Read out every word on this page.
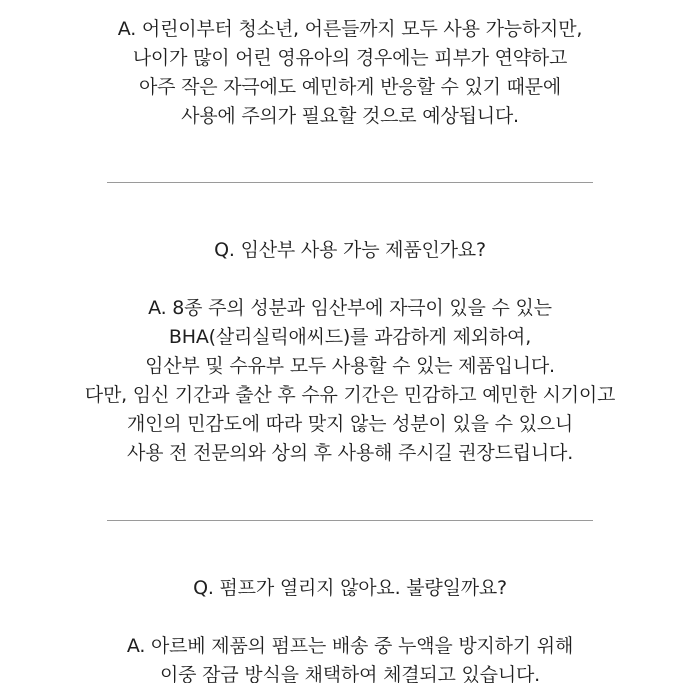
A. 어린이부터 청소년, 어른들까지 모두 사용 가능하지만,
나이가 많이 어린 영유아의 경우에는 피부가 연약하고
아주 작은 자극에도 예민하게 반응할 수 있기 때문에
사용에 주의가 필요할 것으로 예상됩니다.
Q. 임산부 사용 가능 제품인가요?
A. 8종 주의 성분과 임산부에 자극이 있을 수 있는
BHA(살리실릭애씨드)를 과감하게 제외하여,
임산부 및 수유부 모두 사용할 수 있는 제품입니다.
다만, 임신 기간과 출산 후 수유 기간은 민감하고 예민한 시기이고
개인의 민감도에 따라 맞지 않는 성분이 있을 수 있으니
사용 전 전문의와 상의 후 사용해 주시길 권장드립니다.
Q. 펌프가 열리지 않아요. 불량일까요?
A. 아르베 제품의 펌프는 배송 중 누액을 방지하기 위해
이중 잠금 방식을 채택하여 체결되고 있습니다.
